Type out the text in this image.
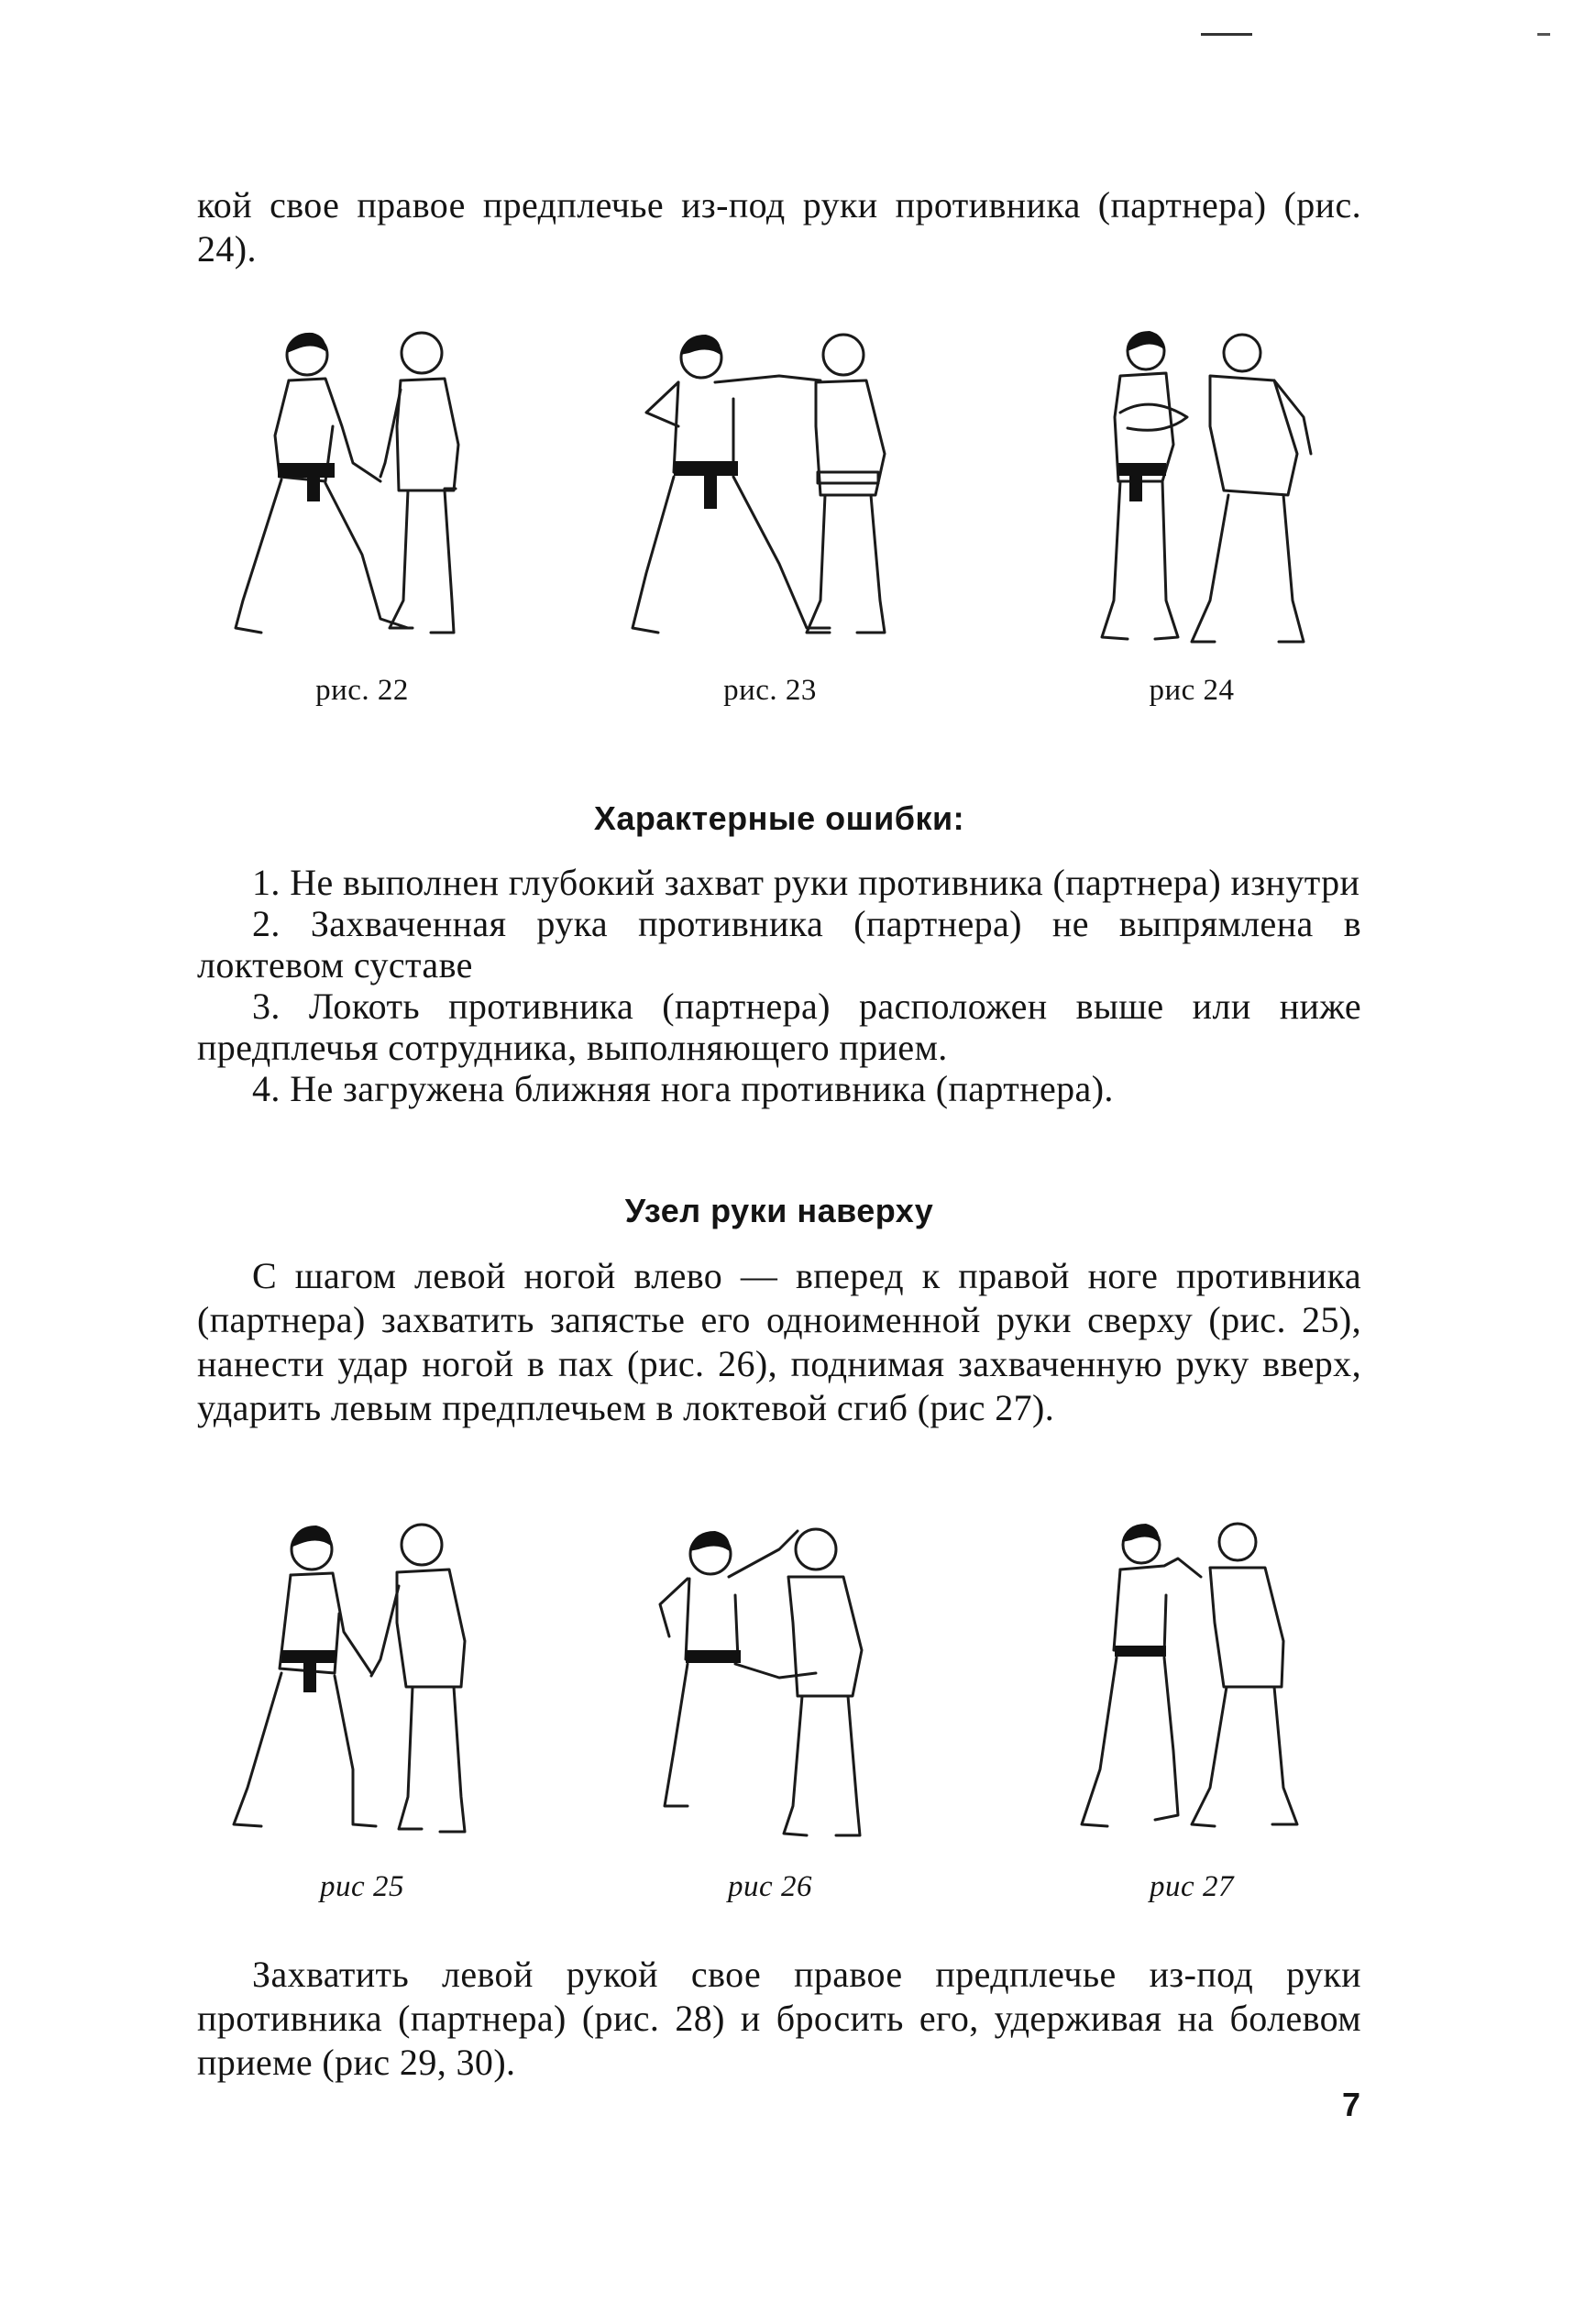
кой свое правое предплечье из-под руки противника (партнера) (рис. 24).

рис. 22	рис. 23	рис 24
Характерные ошибки:
1. Не выполнен глубокий захват руки противника (партнера) изнутри
2. Захваченная рука противника (партнера) не выпрямлена в локтевом суставе
3. Локоть противника (партнера) расположен выше или ниже предплечья сотрудника, выполняющего прием.
4. Не загружена ближняя нога противника (партнера).
Узел руки наверху

С шагом левой ногой влево — вперед к правой ноге противника (партнера) захватить запястье его одноименной руки сверху (рис. 25), нанести удар ногой в пах (рис. 26), поднимая захваченную руку вверх, ударить левым предплечьем в локтевой сгиб (рис 27).

рис 25	рис 26	рис 27

Захватить левой рукой свое правое предплечье из-под руки противника (партнера) (рис. 28) и бросить его, удерживая на болевом приеме (рис 29, 30).

7
